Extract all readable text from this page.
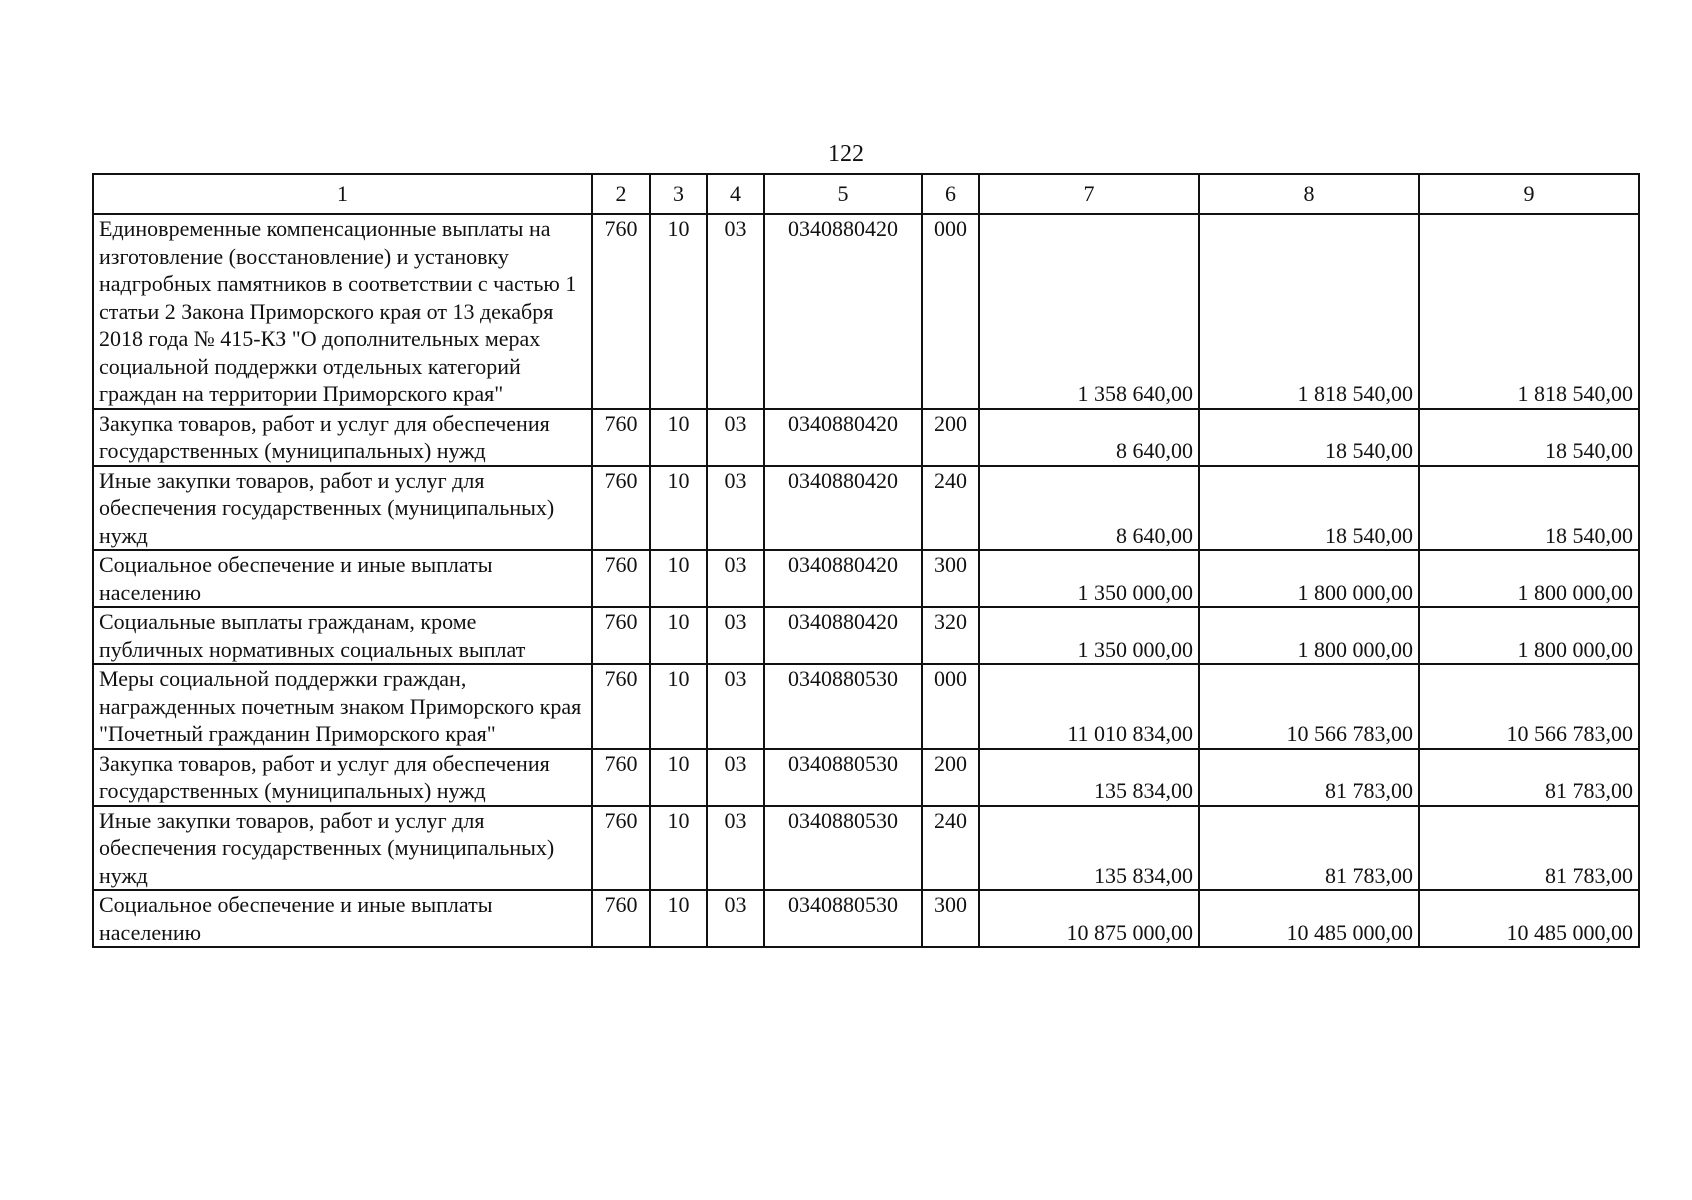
122
1	2	3	4	5	6	7	8	9
Единовременные компенсационные выплаты на изготовление (восстановление) и установку надгробных памятников в соответствии с частью 1 статьи 2 Закона Приморского края от 13 декабря 2018 года № 415-КЗ "О дополнительных мерах социальной поддержки отдельных категорий граждан на территории Приморского края"	760	10	03	0340880420	000	1 358 640,00	1 818 540,00	1 818 540,00
Закупка товаров, работ и услуг для обеспечения государственных (муниципальных) нужд	760	10	03	0340880420	200	8 640,00	18 540,00	18 540,00
Иные закупки товаров, работ и услуг для обеспечения государственных (муниципальных) нужд	760	10	03	0340880420	240	8 640,00	18 540,00	18 540,00
Социальное обеспечение и иные выплаты населению	760	10	03	0340880420	300	1 350 000,00	1 800 000,00	1 800 000,00
Социальные выплаты гражданам, кроме публичных нормативных социальных выплат	760	10	03	0340880420	320	1 350 000,00	1 800 000,00	1 800 000,00
Меры социальной поддержки граждан, награжденных почетным знаком Приморского края "Почетный гражданин Приморского края"	760	10	03	0340880530	000	11 010 834,00	10 566 783,00	10 566 783,00
Закупка товаров, работ и услуг для обеспечения государственных (муниципальных) нужд	760	10	03	0340880530	200	135 834,00	81 783,00	81 783,00
Иные закупки товаров, работ и услуг для обеспечения государственных (муниципальных) нужд	760	10	03	0340880530	240	135 834,00	81 783,00	81 783,00
Социальное обеспечение и иные выплаты населению	760	10	03	0340880530	300	10 875 000,00	10 485 000,00	10 485 000,00
